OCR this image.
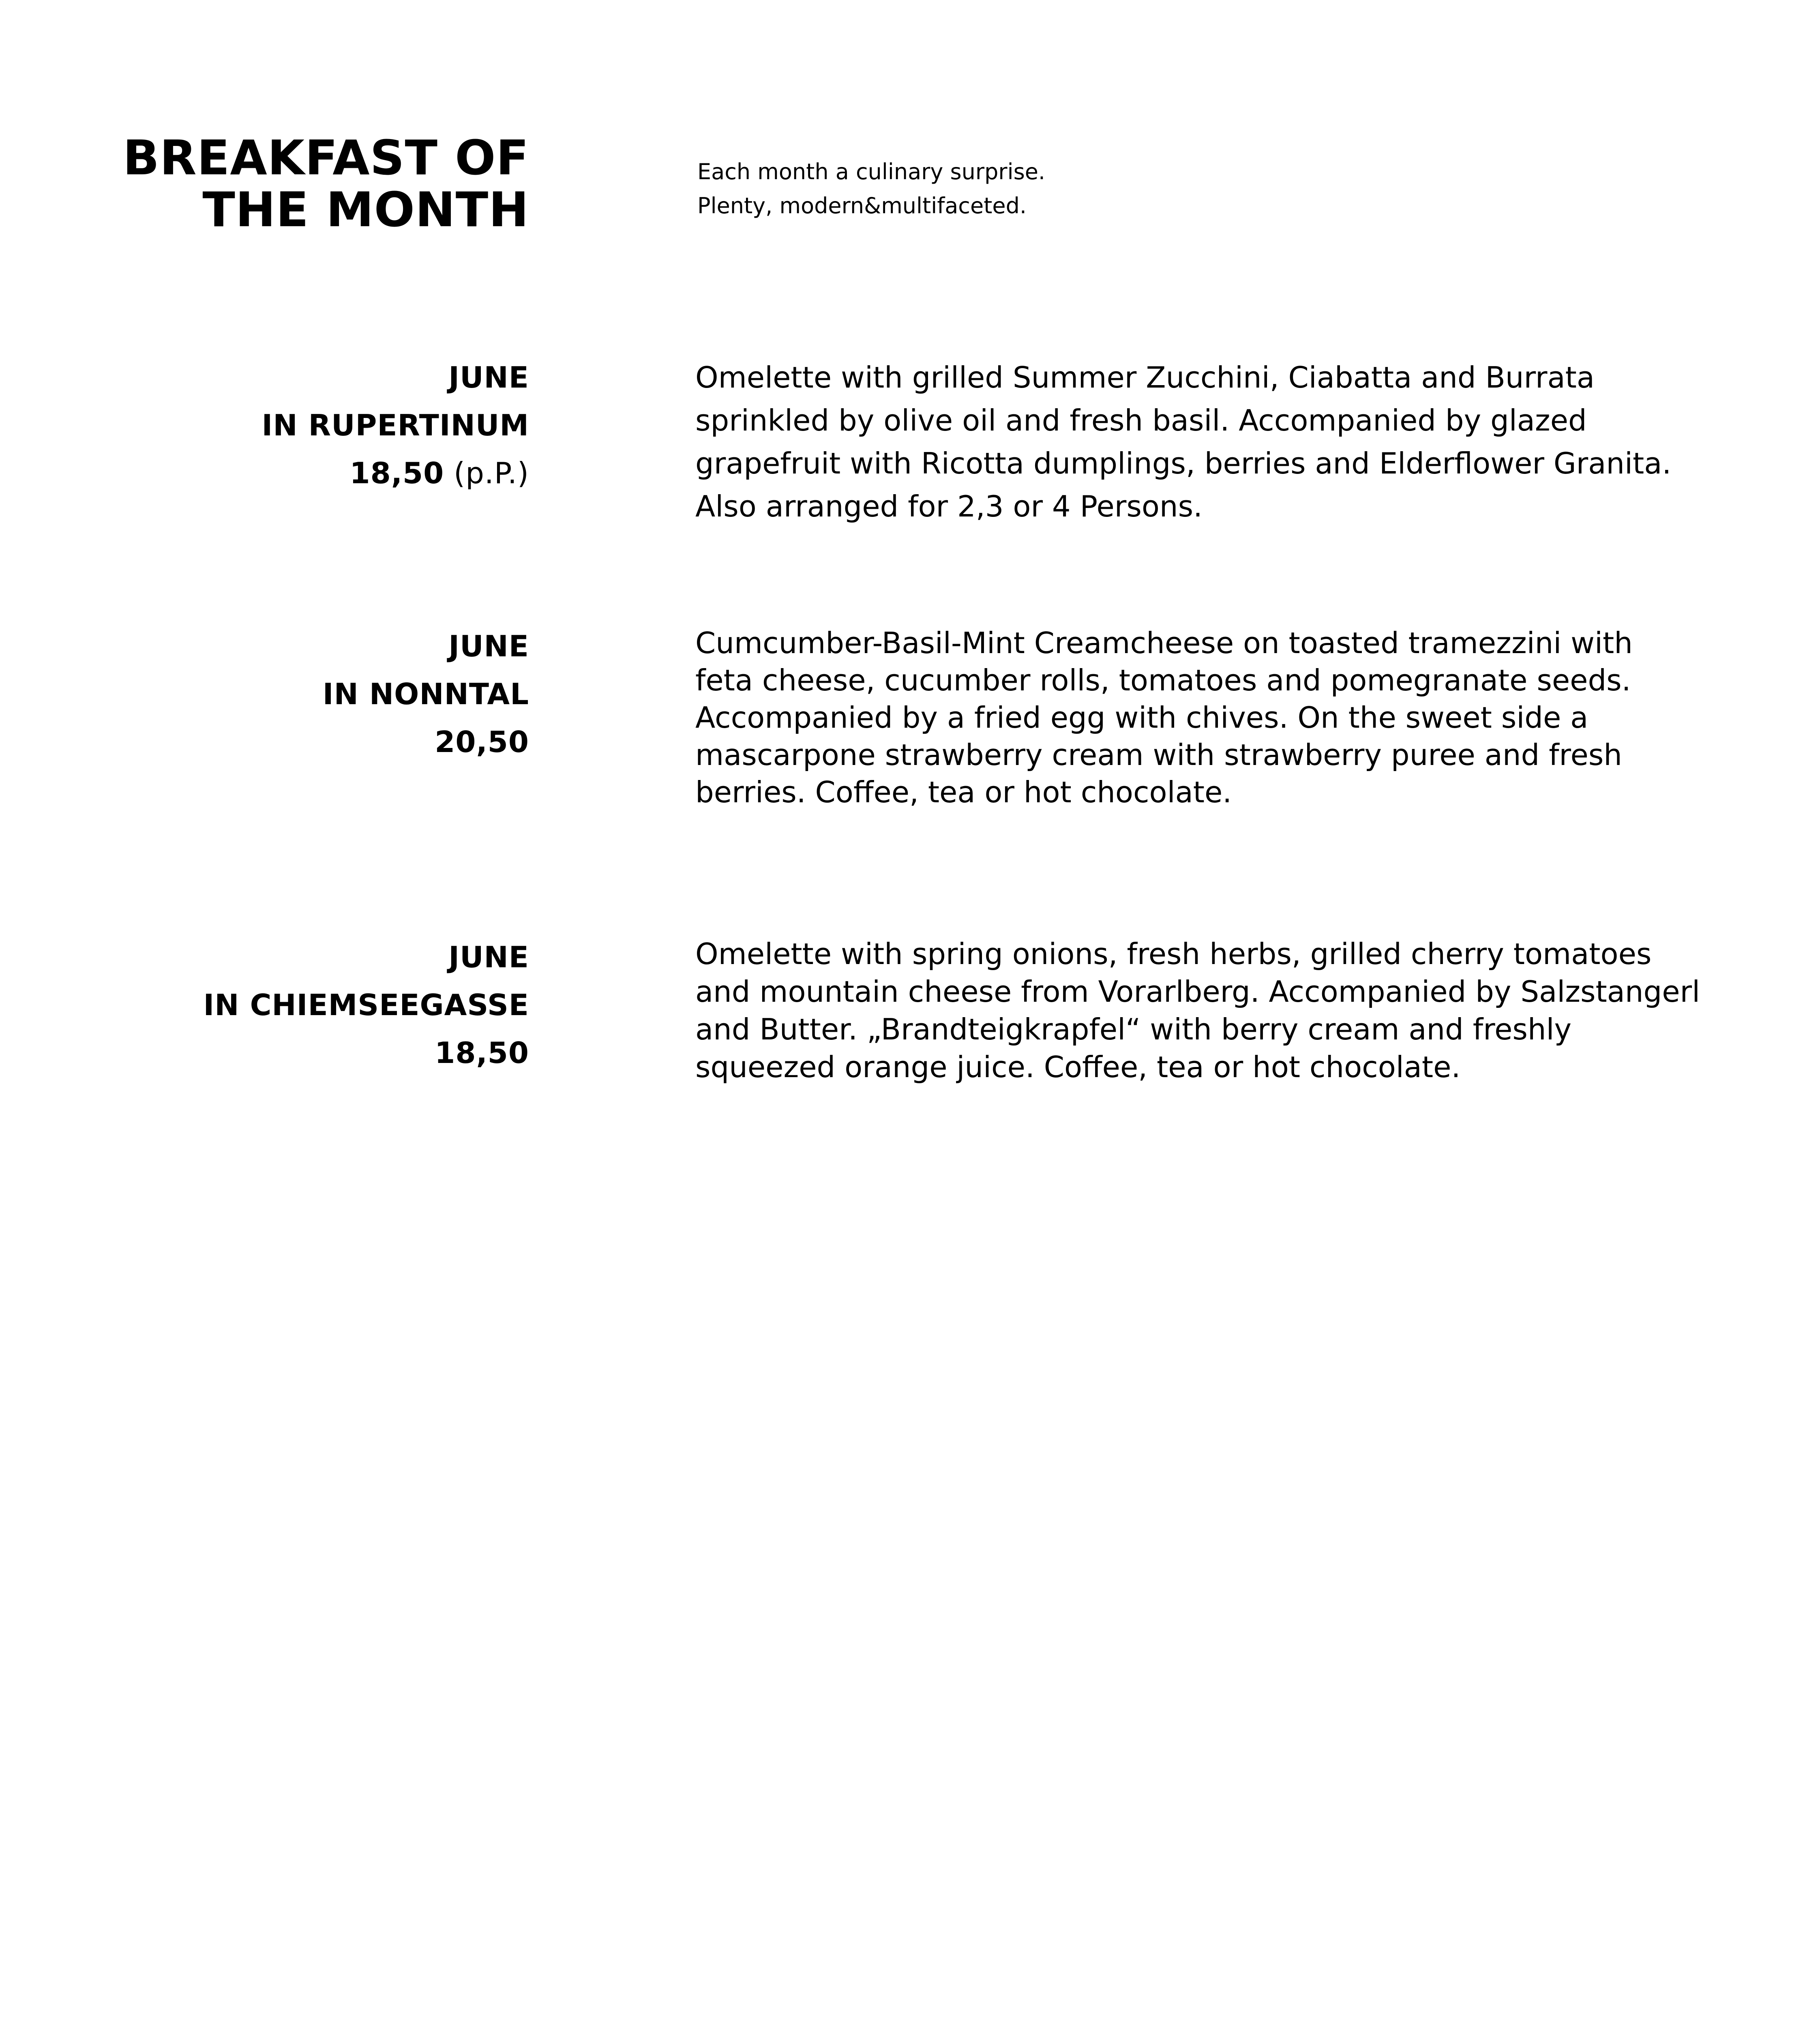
BREAKFAST OF
THE MONTH

Each month a culinary surprise.
Plenty, modern&multifaceted.

JUNE
IN RUPERTINUM
18,50 (p.P.)

Omelette with grilled Summer Zucchini, Ciabatta and Burrata
sprinkled by olive oil and fresh basil. Accompanied by glazed
grapefruit with Ricotta dumplings, berries and Elderflower Granita.
Also arranged for 2,3 or 4 Persons.

JUNE
IN NONNTAL
20,50

Cumcumber-Basil-Mint Creamcheese on toasted tramezzini with
feta cheese, cucumber rolls, tomatoes and pomegranate seeds.
Accompanied by a fried egg with chives. On the sweet side a
mascarpone strawberry cream with strawberry puree and fresh
berries. Coffee, tea or hot chocolate.

JUNE
IN CHIEMSEEGASSE
18,50

Omelette with spring onions, fresh herbs, grilled cherry tomatoes
and mountain cheese from Vorarlberg. Accompanied by Salzstangerl
and Butter. „Brandteigkrapfel“ with berry cream and freshly
squeezed orange juice. Coffee, tea or hot chocolate.
